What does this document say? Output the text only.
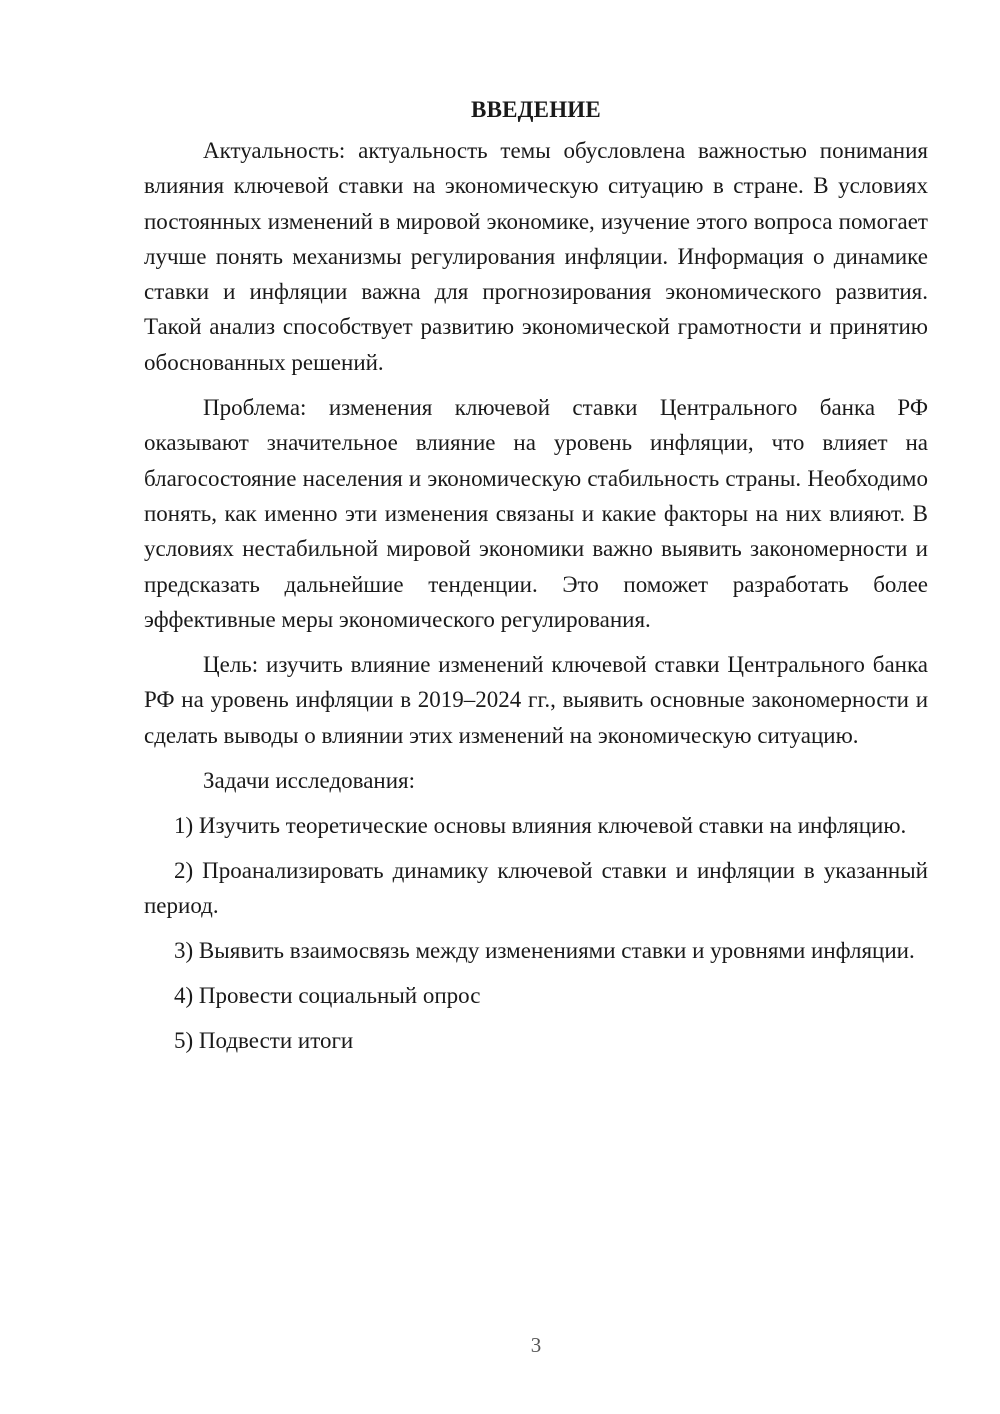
ВВЕДЕНИЕ

Актуальность: актуальность темы обусловлена важностью понимания влияния ключевой ставки на экономическую ситуацию в стране. В условиях постоянных изменений в мировой экономике, изучение этого вопроса помогает лучше понять механизмы регулирования инфляции. Информация о динамике ставки и инфляции важна для прогнозирования экономического развития. Такой анализ способствует развитию экономической грамотности и принятию обоснованных решений.

Проблема: изменения ключевой ставки Центрального банка РФ оказывают значительное влияние на уровень инфляции, что влияет на благосостояние населения и экономическую стабильность страны. Необходимо понять, как именно эти изменения связаны и какие факторы на них влияют. В условиях нестабильной мировой экономики важно выявить закономерности и предсказать дальнейшие тенденции. Это поможет разработать более эффективные меры экономического регулирования.

Цель: изучить влияние изменений ключевой ставки Центрального банка РФ на уровень инфляции в 2019–2024 гг., выявить основные закономерности и сделать выводы о влиянии этих изменений на экономическую ситуацию.

Задачи исследования:

1) Изучить теоретические основы влияния ключевой ставки на инфляцию.

2) Проанализировать динамику ключевой ставки и инфляции в указанный период.

3) Выявить взаимосвязь между изменениями ставки и уровнями инфляции.

4) Провести социальный опрос

5) Подвести итоги

3
